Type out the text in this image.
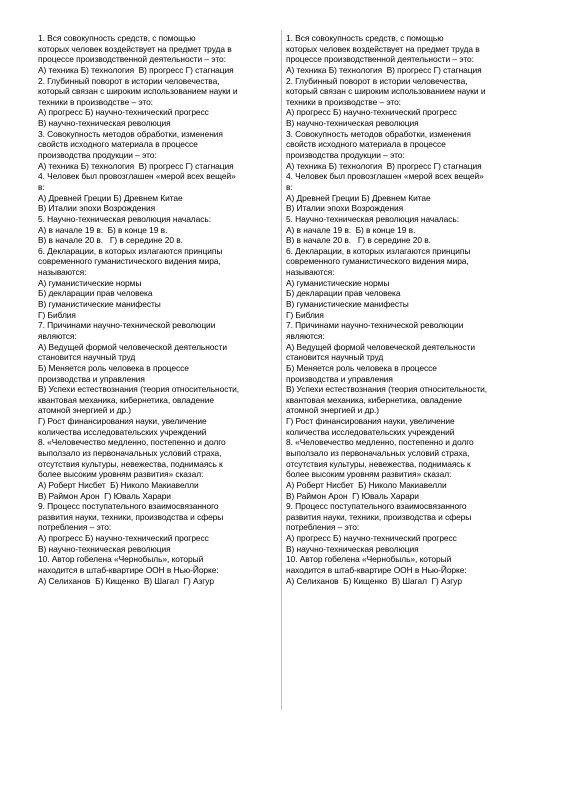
1. Вся совокупность средств, с помощью
которых человек воздействует на предмет труда в
процессе производственной деятельности – это:
А) техника Б) технология  В) прогресс Г) стагнация
2. Глубинный поворот в истории человечества,
который связан с широким использованием науки и
техники в производстве – это:
А) прогресс Б) научно-технический прогресс
В) научно-техническая революция
3. Совокупность методов обработки, изменения
свойств исходного материала в процессе
производства продукции – это:
А) техника Б) технология  В) прогресс Г) стагнация
4. Человек был провозглашен «мерой всех вещей»
в:
А) Древней Греции Б) Древнем Китае
В) Италии эпохи Возрождения
5. Научно-техническая революция началась:
А) в начале 19 в.  Б) в конце 19 в.
В) в начале 20 в.   Г) в середине 20 в.
6. Декларации, в которых излагаются принципы
современного гуманистического видения мира,
называются:
А) гуманистические нормы
Б) декларации прав человека
В) гуманистические манифесты
Г) Библия
7. Причинами научно-технической революции
являются:
А) Ведущей формой человеческой деятельности
становится научный труд
Б) Меняется роль человека в процессе
производства и управления
В) Успехи естествознания (теория относительности,
квантовая механика, кибернетика, овладение
атомной энергией и др.)
Г) Рост финансирования науки, увеличение
количества исследовательских учреждений
8. «Человечество медленно, постепенно и долго
выползало из первоначальных условий страха,
отсутствия культуры, невежества, поднимаясь к
более высоким уровням развития» сказал:
А) Роберт Нисбет  Б) Николо Макиавелли
В) Раймон Арон  Г) Юваль Харари
9. Процесс поступательного взаимосвязанного
развития науки, техники, производства и сферы
потребления – это:
А) прогресс Б) научно-технический прогресс
В) научно-техническая революция
10. Автор гобелена «Чернобыль», который
находится в штаб-квартире ООН в Нью-Йорке:
А) Селиханов  Б) Кищенко  В) Шагал  Г) Азгур
1. Вся совокупность средств, с помощью
которых человек воздействует на предмет труда в
процессе производственной деятельности – это:
А) техника Б) технология  В) прогресс Г) стагнация
2. Глубинный поворот в истории человечества,
который связан с широким использованием науки и
техники в производстве – это:
А) прогресс Б) научно-технический прогресс
В) научно-техническая революция
3. Совокупность методов обработки, изменения
свойств исходного материала в процессе
производства продукции – это:
А) техника Б) технология  В) прогресс Г) стагнация
4. Человек был провозглашен «мерой всех вещей»
в:
А) Древней Греции Б) Древнем Китае
В) Италии эпохи Возрождения
5. Научно-техническая революция началась:
А) в начале 19 в.  Б) в конце 19 в.
В) в начале 20 в.   Г) в середине 20 в.
6. Декларации, в которых излагаются принципы
современного гуманистического видения мира,
называются:
А) гуманистические нормы
Б) декларации прав человека
В) гуманистические манифесты
Г) Библия
7. Причинами научно-технической революции
являются:
А) Ведущей формой человеческой деятельности
становится научный труд
Б) Меняется роль человека в процессе
производства и управления
В) Успехи естествознания (теория относительности,
квантовая механика, кибернетика, овладение
атомной энергией и др.)
Г) Рост финансирования науки, увеличение
количества исследовательских учреждений
8. «Человечество медленно, постепенно и долго
выползало из первоначальных условий страха,
отсутствия культуры, невежества, поднимаясь к
более высоким уровням развития» сказал:
А) Роберт Нисбет  Б) Николо Макиавелли
В) Раймон Арон  Г) Юваль Харари
9. Процесс поступательного взаимосвязанного
развития науки, техники, производства и сферы
потребления – это:
А) прогресс Б) научно-технический прогресс
В) научно-техническая революция
10. Автор гобелена «Чернобыль», который
находится в штаб-квартире ООН в Нью-Йорке:
А) Селиханов  Б) Кищенко  В) Шагал  Г) Азгур
